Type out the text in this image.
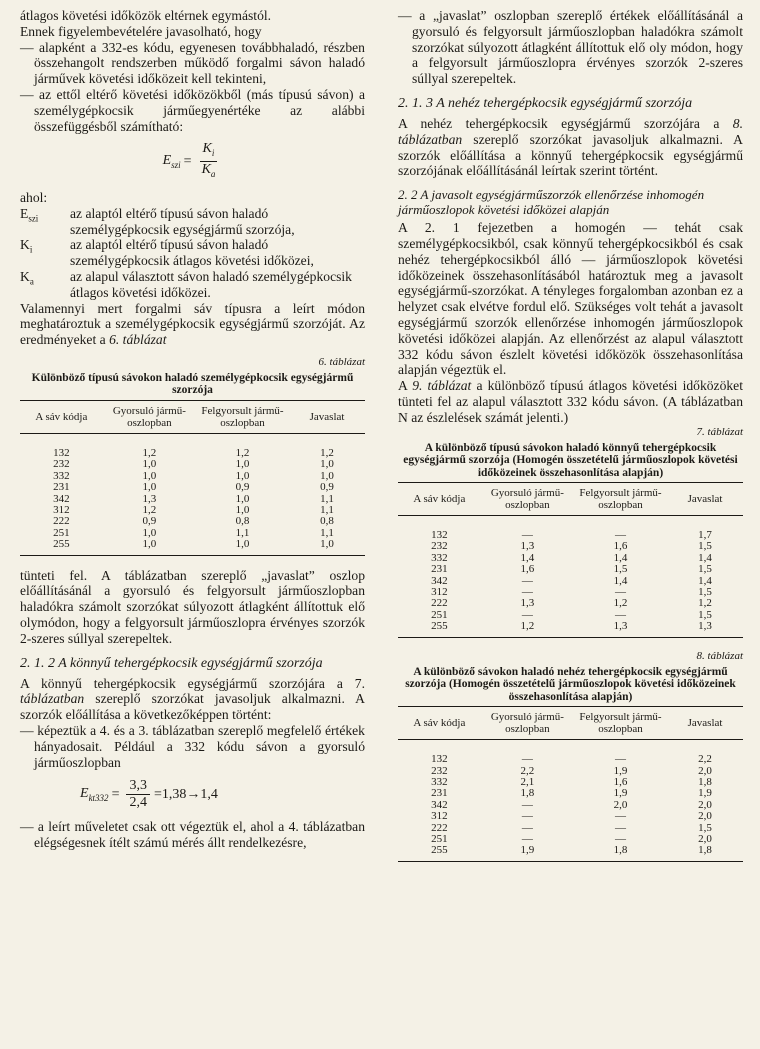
átlagos követési időközök eltérnek egymástól.

Ennek figyelembevételére javasolható, hogy

— alapként a 332-es kódu, egyenesen továbbhaladó, részben összehangolt rendszerben működő forgalmi sávon haladó járművek követési időközeit kell tekinteni,

— az ettől eltérő követési időközökből (más típusú sávon) a személygépkocsik járműegyenértéke az alábbi összefüggésből számítható:

$E_{szi} = \frac{K_i}{K_a}$

ahol:

$E_{szi}$	az alaptól eltérő típusú sávon haladó személygépkocsik egységjármű szorzója,
$K_i$	az alaptól eltérő típusú sávon haladó személygépkocsik átlagos követési időközei,
$K_a$	az alapul választott sávon haladó személygépkocsik átlagos követési időközei.

Valamennyi mert forgalmi sáv típusra a leírt módon meghatároztuk a személygépkocsik egységjármű szorzóját. Az eredményeket a 6. táblázat

6. táblázat
Különböző típusú sávokon haladó személygépkocsik egységjármű szorzója
A sáv kódja	Gyorsuló jármű-oszlopban	Felgyorsult jármű-oszlopban	Javaslat
132	1,2	1,2	1,2
232	1,0	1,0	1,0
332	1,0	1,0	1,0
231	1,0	0,9	0,9
342	1,3	1,0	1,1
312	1,2	1,0	1,1
222	0,9	0,8	0,8
251	1,0	1,1	1,1
255	1,0	1,0	1,0

tünteti fel. A táblázatban szereplő „javaslat” oszlop előállításánál a gyorsuló és felgyorsult járműoszlopban haladókra számolt szorzókat súlyozott átlagként állítottuk elő olymódon, hogy a felgyorsult járműoszlopra érvényes szorzók 2-szeres súllyal szerepeltek.

2. 1. 2 A könnyű tehergépkocsik egységjármű szorzója

A könnyű tehergépkocsik egységjármű szorzójára a 7. táblázatban szereplő szorzókat javasoljuk alkalmazni. A szorzók előállítása a következőképpen történt:

— képeztük a 4. és a 3. táblázatban szereplő megfelelő értékek hányadosait. Például a 332 kódu sávon a gyorsuló járműoszlopban

$E_{kt332} = \frac{3,3}{2,4} =1,38\to 1,4$

— a leírt műveletet csak ott végeztük el, ahol a 4. táblázatban elégségesnek ítélt számú mérés állt rendelkezésre,

— a „javaslat” oszlopban szereplő értékek előállításánál a gyorsuló és felgyorsult járműoszlopban haladókra számolt szorzókat súlyozott átlagként állítottuk elő oly módon, hogy a felgyorsult járműoszlopra érvényes szorzók 2-szeres súllyal szerepeltek.

2. 1. 3 A nehéz tehergépkocsik egységjármű szorzója

A nehéz tehergépkocsik egységjármű szorzójára a 8. táblázatban szereplő szorzókat javasoljuk alkalmazni. A szorzók előállítása a könnyű tehergépkocsik egységjármű szorzójának előállításánál leírtak szerint történt.

2. 2 A javasolt egységjárműszorzók ellenőrzése inhomogén járműoszlopok követési időközei alapján

A 2. 1 fejezetben a homogén — tehát csak személygépkocsikból, csak könnyű tehergépkocsikból és csak nehéz tehergépkocsikból álló — járműoszlopok követési időközeinek összehasonlításából határoztuk meg a javasolt egységjármű-szorzókat. A tényleges forgalomban azonban ez a helyzet csak elvétve fordul elő. Szükséges volt tehát a javasolt egységjármű szorzók ellenőrzése inhomogén járműoszlopok követési időközei alapján. Az ellenőrzést az alapul választott 332 kódu sávon észlelt követési időközök összehasonlítása alapján végeztük el.

A 9. táblázat a különböző típusú átlagos követési időközöket tünteti fel az alapul választott 332 kódu sávon. (A táblázatban N az észlelések számát jelenti.)

7. táblázat
A különböző típusú sávokon haladó könnyű tehergépkocsik egységjármű szorzója (Homogén összetételű járműoszlopok követési időközeinek összehasonlítása alapján)
A sáv kódja	Gyorsuló jármű-oszlopban	Felgyorsult jármű-oszlopban	Javaslat
132	—	—	1,7
232	1,3	1,6	1,5
332	1,4	1,4	1,4
231	1,6	1,5	1,5
342	—	1,4	1,4
312	—	—	1,5
222	1,3	1,2	1,2
251	—	—	1,5
255	1,2	1,3	1,3
8. táblázat
A különböző sávokon haladó nehéz tehergépkocsik egységjármű szorzója (Homogén összetételű járműoszlopok követési időközeinek összehasonlítása alapján)
A sáv kódja	Gyorsuló jármű-oszlopban	Felgyorsult jármű-oszlopban	Javaslat
132	—	—	2,2
232	2,2	1,9	2,0
332	2,1	1,6	1,8
231	1,8	1,9	1,9
342	—	2,0	2,0
312	—	—	2,0
222	—	—	1,5
251	—	—	2,0
255	1,9	1,8	1,8
